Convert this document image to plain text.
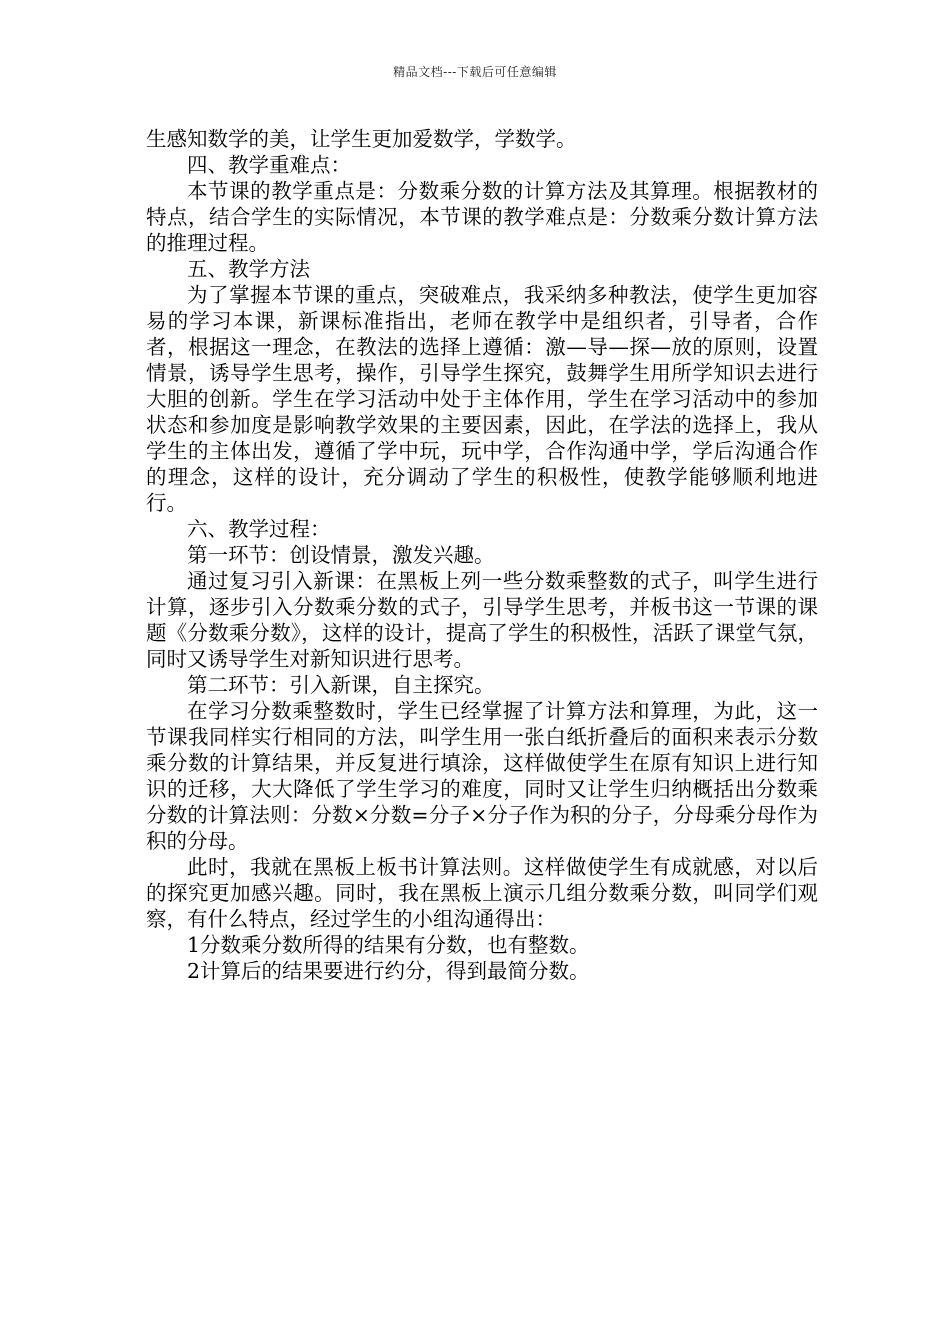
精品文档---下载后可任意编辑

生感知数学的美，让学生更加爱数学，学数学。

四、教学重难点：

本节课的教学重点是：分数乘分数的计算方法及其算理。根据教材的特点，结合学生的实际情况，本节课的教学难点是：分数乘分数计算方法的推理过程。

五、教学方法

为了掌握本节课的重点，突破难点，我采纳多种教法，使学生更加容易的学习本课，新课标准指出，老师在教学中是组织者，引导者，合作者，根据这一理念，在教法的选择上遵循：激—导—探—放的原则，设置情景，诱导学生思考，操作，引导学生探究，鼓舞学生用所学知识去进行大胆的创新。学生在学习活动中处于主体作用，学生在学习活动中的参加状态和参加度是影响教学效果的主要因素，因此，在学法的选择上，我从学生的主体出发，遵循了学中玩，玩中学，合作沟通中学，学后沟通合作的理念，这样的设计，充分调动了学生的积极性，使教学能够顺利地进行。

六、教学过程：

第一环节：创设情景，激发兴趣。

通过复习引入新课：在黑板上列一些分数乘整数的式子，叫学生进行计算，逐步引入分数乘分数的式子，引导学生思考，并板书这一节课的课题《分数乘分数》，这样的设计，提高了学生的积极性，活跃了课堂气氛，同时又诱导学生对新知识进行思考。

第二环节：引入新课，自主探究。

在学习分数乘整数时，学生已经掌握了计算方法和算理，为此，这一节课我同样实行相同的方法，叫学生用一张白纸折叠后的面积来表示分数乘分数的计算结果，并反复进行填涂，这样做使学生在原有知识上进行知识的迁移，大大降低了学生学习的难度，同时又让学生归纳概括出分数乘分数的计算法则：分数×分数=分子×分子作为积的分子，分母乘分母作为积的分母。

此时，我就在黑板上板书计算法则。这样做使学生有成就感，对以后的探究更加感兴趣。同时，我在黑板上演示几组分数乘分数，叫同学们观察，有什么特点，经过学生的小组沟通得出：

1分数乘分数所得的结果有分数，也有整数。

2计算后的结果要进行约分，得到最简分数。
